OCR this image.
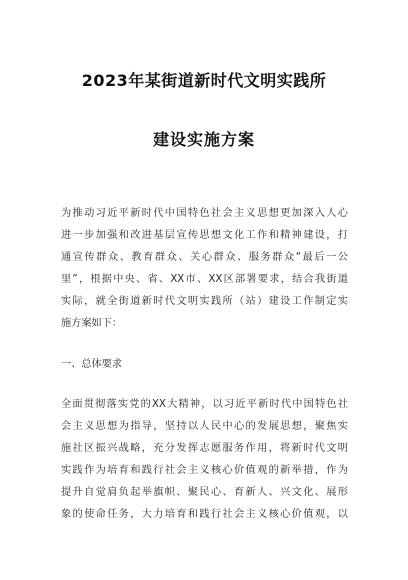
2023年某街道新时代文明实践所
建设实施方案
为推动习近平新时代中国特色社会主义思想更加深入人心
进一步加强和改进基层宣传思想文化工作和精神建设，打
通宣传群众、教育群众、关心群众、服务群众“最后一公
里”，根据中央、省、XX市、XX区部署要求，结合我街道
实际，就全街道新时代文明实践所（站）建设工作制定实
施方案如下：
一、总体要求
全面贯彻落实党的XX大精神，以习近平新时代中国特色社
会主义思想为指导，坚持以人民中心的发展思想，聚焦实
施社区振兴战略，充分发挥志愿服务作用，将新时代文明
实践作为培育和践行社会主义核心价值观的新举措，作为
提升自觉肩负起举旗帜、聚民心、育新人、兴文化、展形
象的使命任务，大力培育和践行社会主义核心价值观，以
